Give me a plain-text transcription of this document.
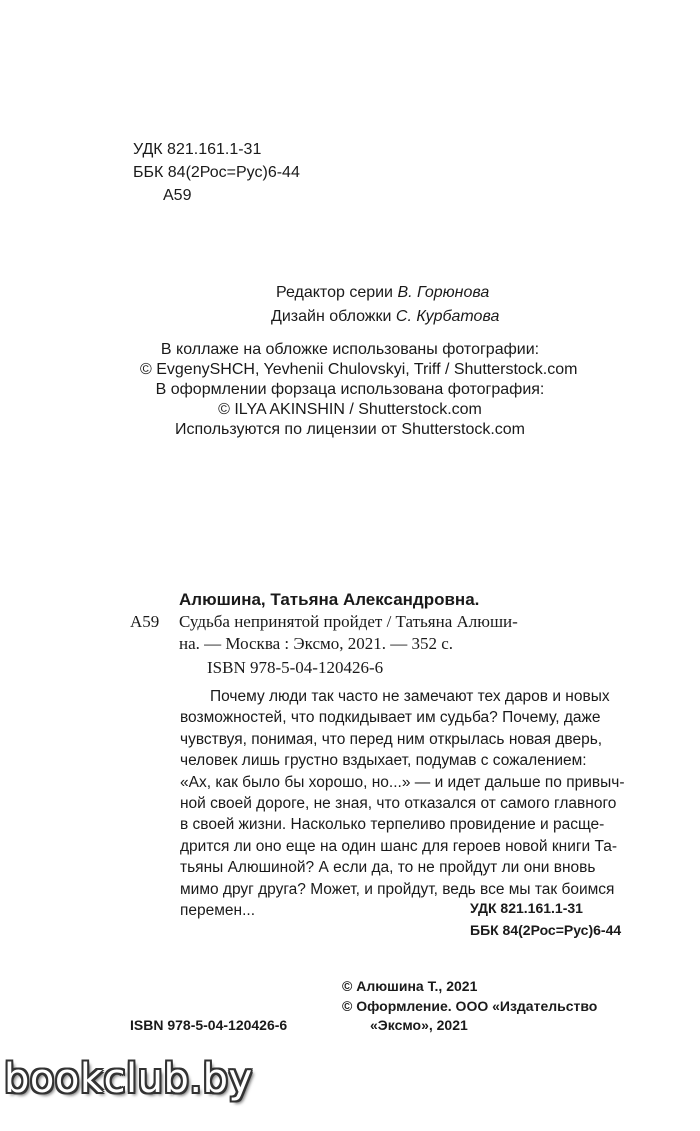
УДК 821.161.1-31
ББК 84(2Рос=Рус)6-44
А59
Редактор серии В. Горюнова
Дизайн обложки С. Курбатова
В коллаже на обложке использованы фотографии:
© EvgenySHCH, Yevhenii Chulovskyi, Triff / Shutterstock.com
В оформлении форзаца использована фотография:
© ILYA AKINSHIN / Shutterstock.com
Используются по лицензии от Shutterstock.com
Алюшина, Татьяна Александровна.
А59 Судьба непринятой пройдет / Татьяна Алюши-
на. — Москва : Эксмо, 2021. — 352 с.
ISBN 978-5-04-120426-6
Почему люди так часто не замечают тех даров и новых
возможностей, что подкидывает им судьба? Почему, даже
чувствуя, понимая, что перед ним открылась новая дверь,
человек лишь грустно вздыхает, подумав с сожалением:
«Ах, как было бы хорошо, но...» — и идет дальше по привыч-
ной своей дороге, не зная, что отказался от самого главного
в своей жизни. Насколько терпеливо провидение и расще-
дрится ли оно еще на один шанс для героев новой книги Та-
тьяны Алюшиной? А если да, то не пройдут ли они вновь
мимо друг друга? Может, и пройдут, ведь все мы так боимся
перемен...	УДК 821.161.1-31
ББК 84(2Рос=Рус)6-44
ISBN 978-5-04-120426-6
© Алюшина Т., 2021
© Оформление. ООО «Издательство
«Эксмо», 2021
bookclub.by
